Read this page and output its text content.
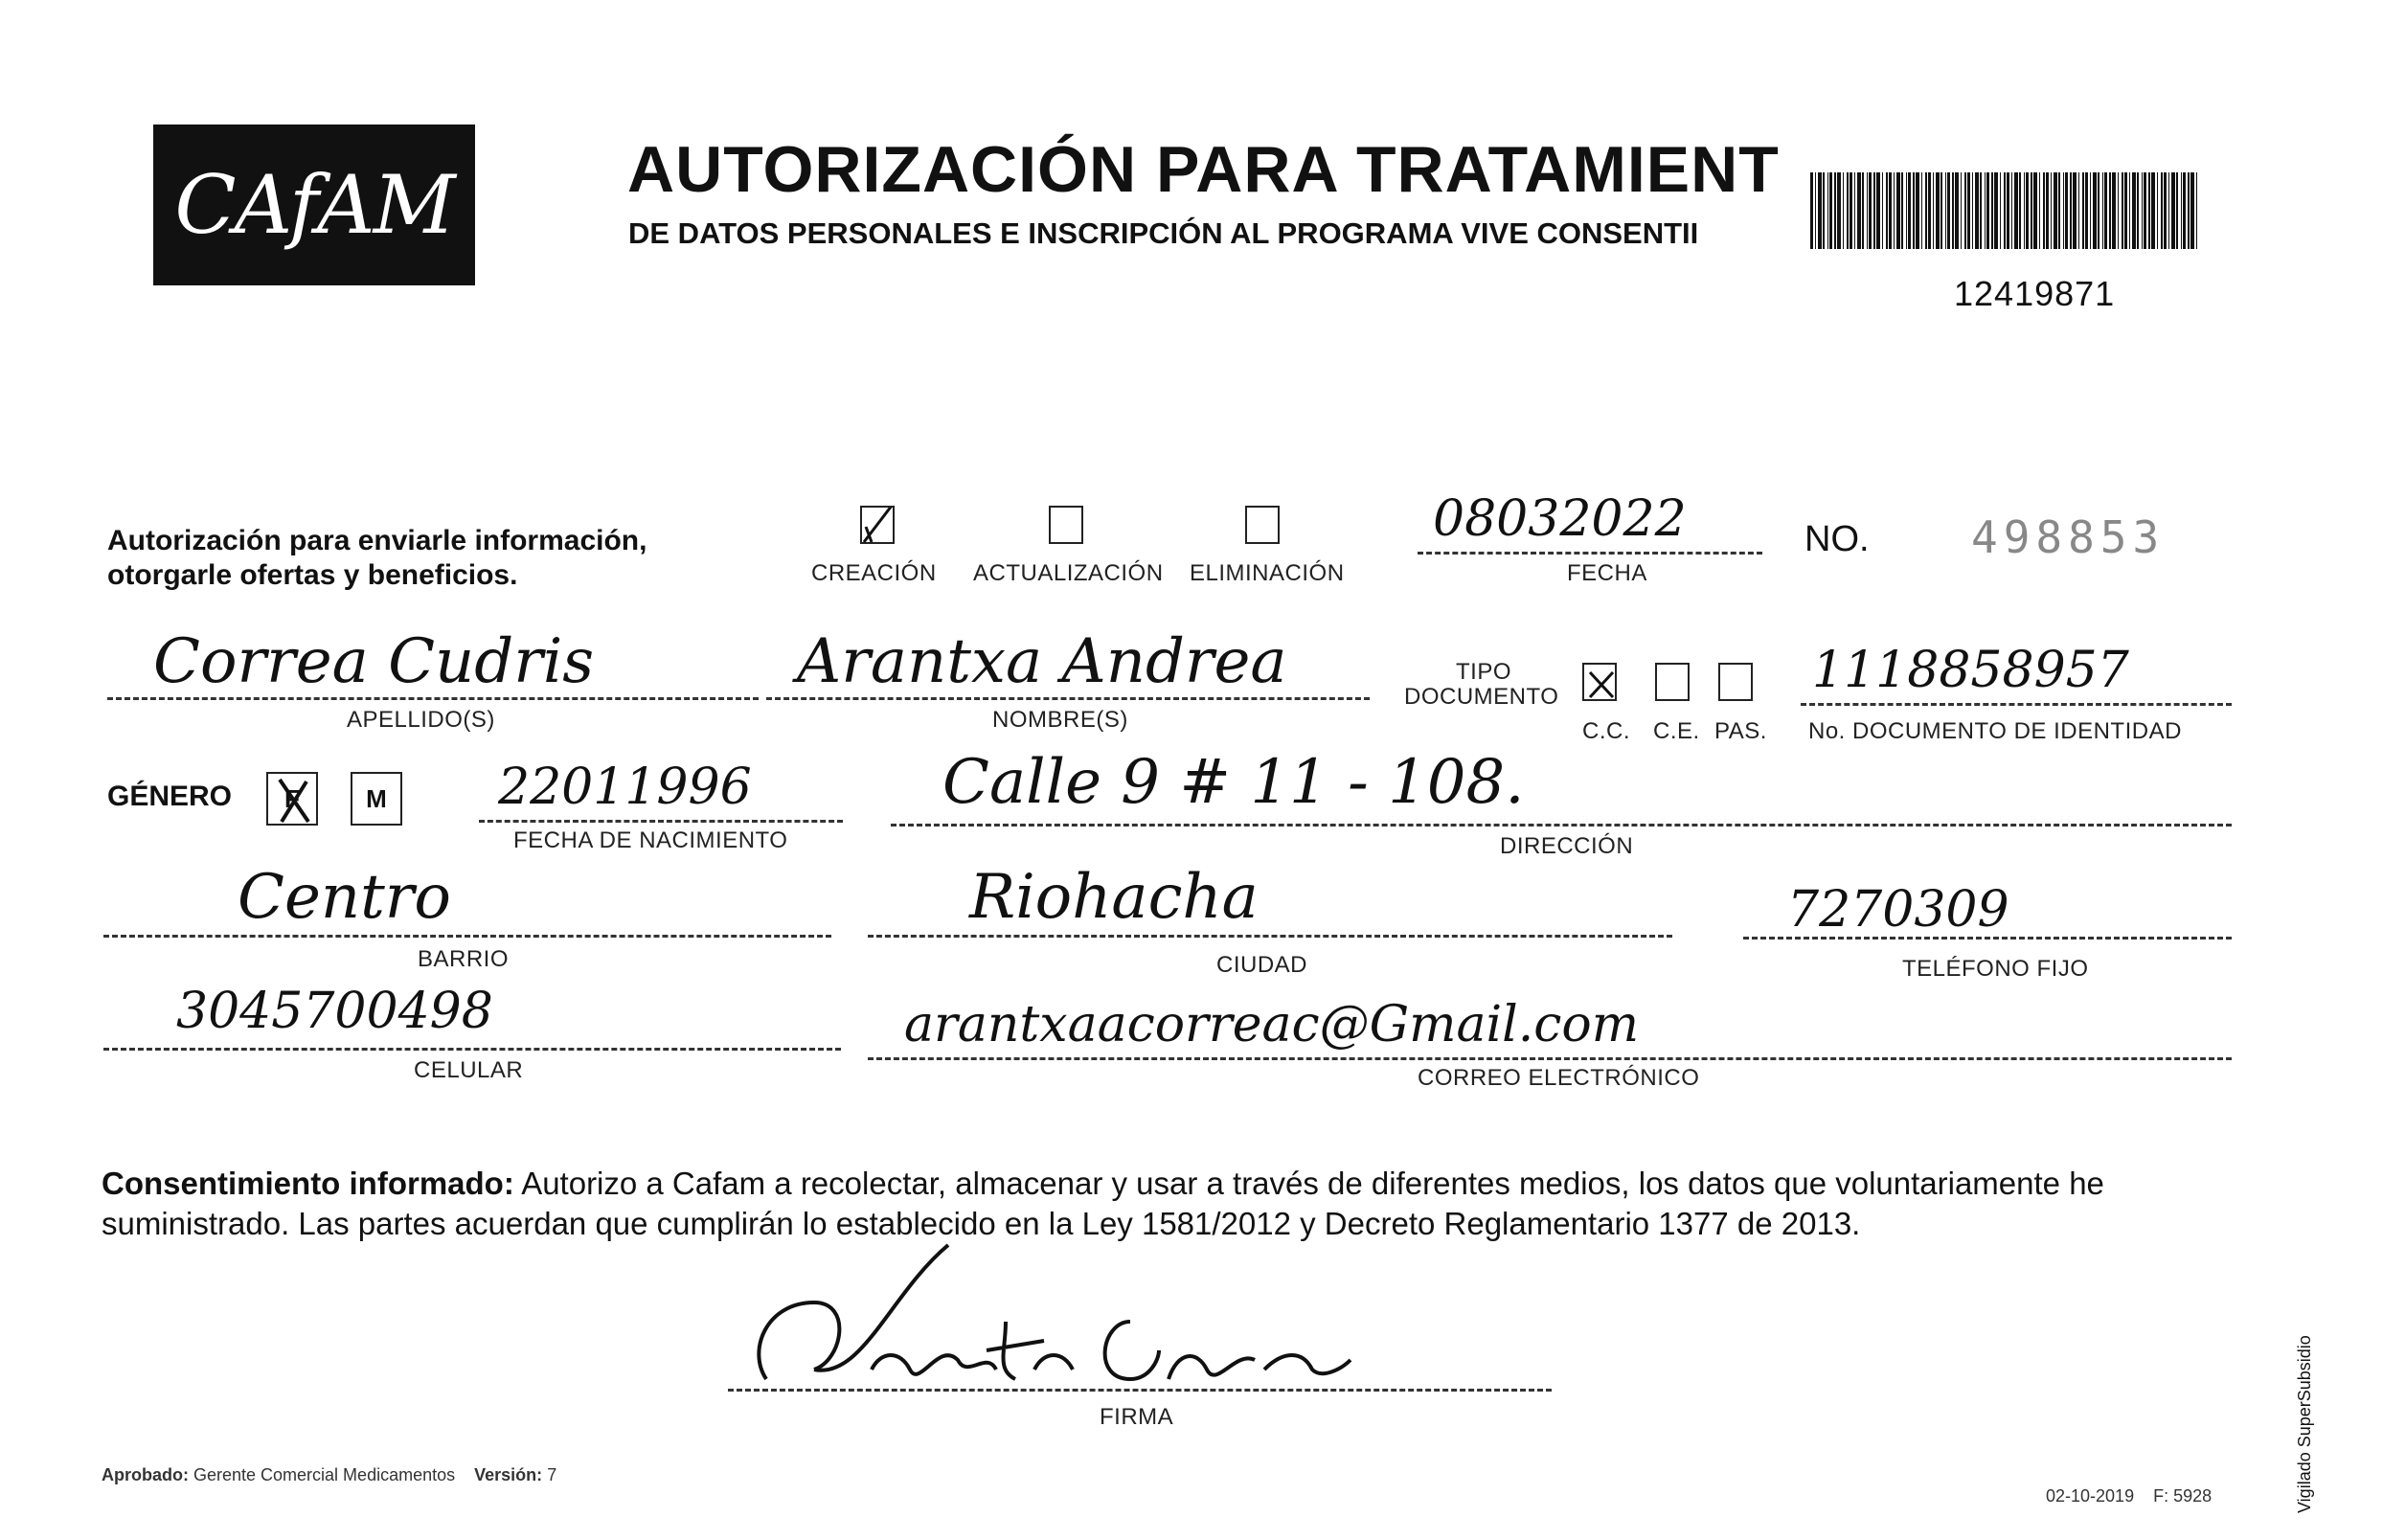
CAfAM	AUTORIZACIÓN PARA TRATAMIENT
DE DATOS PERSONALES E INSCRIPCIÓN AL PROGRAMA VIVE CONSENTII
12419871
Autorización para enviarle información,
otorgarle ofertas y beneficios.	CREACIÓN ACTUALIZACIÓN ELIMINACIÓN
08032022
FECHA
NO. 498853
Correa Cudris
APELLIDO(S)
Arantxa Andrea
NOMBRE(S)
TIPO
DOCUMENTO
C.C. C.E. PAS.
1118858957
No. DOCUMENTO DE IDENTIDAD
GÉNERO F	M 22011996
FECHA DE NACIMIENTO
Calle 9 # 11 - 108.
DIRECCIÓN
Centro
BARRIO
Riohacha
CIUDAD
7270309
TELÉFONO FIJO
3045700498
CELULAR
arantxaacorreac@Gmail.com
CORREO ELECTRÓNICO
Consentimiento informado: Autorizo a Cafam a recolectar, almacenar y usar a través de diferentes medios, los datos que voluntariamente he suministrado. Las partes acuerdan que cumplirán lo establecido en la Ley 1581/2012 y Decreto Reglamentario 1377 de 2013.
FIRMA
Aprobado: Gerente Comercial Medicamentos Versión: 7
02-10-2019 F: 5928	Vigilado SuperSubsidio
